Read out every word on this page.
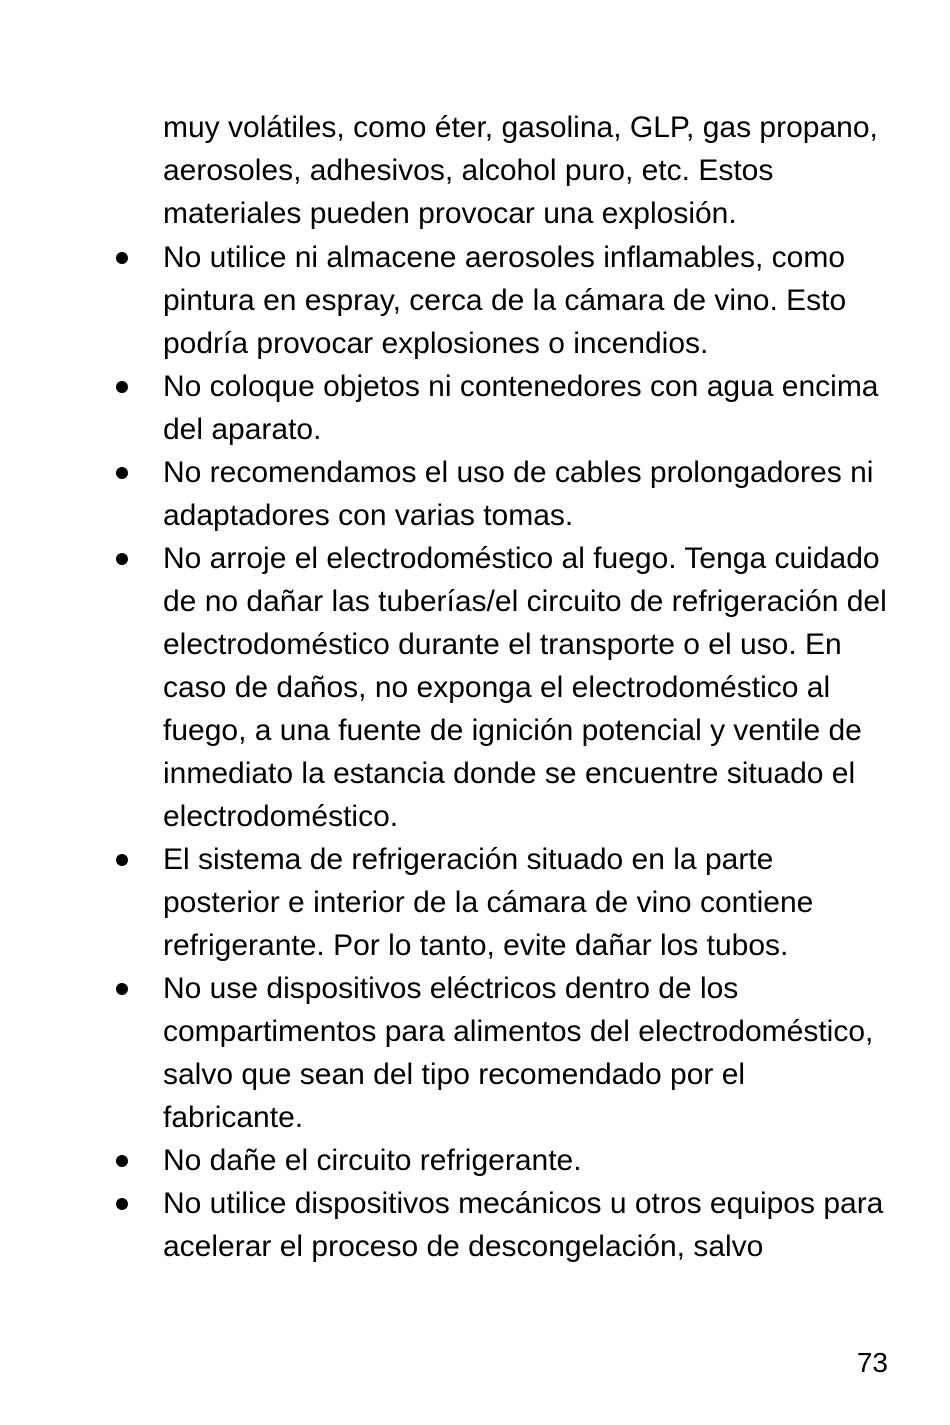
muy volátiles, como éter, gasolina, GLP, gas propano, aerosoles, adhesivos, alcohol puro, etc. Estos materiales pueden provocar una explosión.

No utilice ni almacene aerosoles inflamables, como pintura en espray, cerca de la cámara de vino. Esto podría provocar explosiones o incendios.
No coloque objetos ni contenedores con agua encima del aparato.
No recomendamos el uso de cables prolongadores ni adaptadores con varias tomas.
No arroje el electrodoméstico al fuego. Tenga cuidado de no dañar las tuberías/el circuito de refrigeración del electrodoméstico durante el transporte o el uso. En caso de daños, no exponga el electrodoméstico al fuego, a una fuente de ignición potencial y ventile de inmediato la estancia donde se encuentre situado el electrodoméstico.
El sistema de refrigeración situado en la parte posterior e interior de la cámara de vino contiene refrigerante. Por lo tanto, evite dañar los tubos.
No use dispositivos eléctricos dentro de los compartimentos para alimentos del electrodoméstico, salvo que sean del tipo recomendado por el fabricante.
No dañe el circuito refrigerante.
No utilice dispositivos mecánicos u otros equipos para acelerar el proceso de descongelación, salvo
73
